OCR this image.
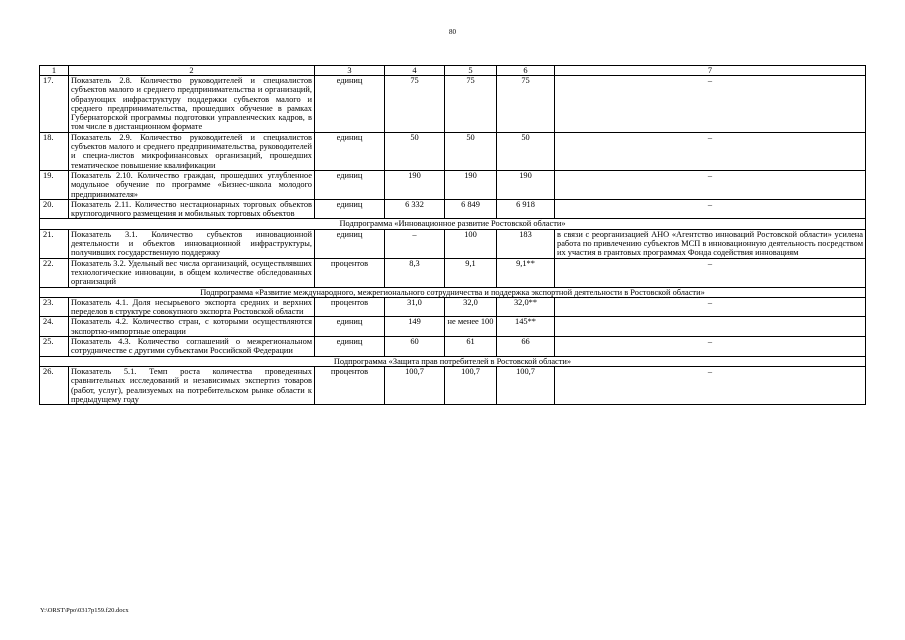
80
1	2	3	4	5	6	7
17.	Показатель 2.8. Количество руководителей и специалистов субъектов малого и среднего предпринимательства и организаций, образующих инфраструктуру поддержки субъектов малого и среднего предпринимательства, прошедших обучение в рамках Губернаторской программы подготовки управленческих кадров, в том числе в дистанционном формате	единиц	75	75	75	–
18.	Показатель 2.9. Количество руководителей и специалистов субъектов малого и среднего предпринимательства, руководителей и специа-листов микрофинансовых организаций, прошедших тематическое повышение квалификации	единиц	50	50	50	–
19.	Показатель 2.10. Количество граждан, прошедших углубленное модульное обучение по программе «Бизнес-школа молодого предпринимателя»	единиц	190	190	190	–
20.	Показатель 2.11. Количество нестационарных торговых объектов круглогодичного размещения и мобильных торговых объектов	единиц	6 332	6 849	6 918	–
Подпрограмма «Инновационное развитие Ростовской области»						
21.	Показатель 3.1. Количество субъектов инновационной деятельности и объектов инновационной инфраструктуры, получивших государственную поддержку	единиц	–	100	183	в связи с реорганизацией АНО «Агентство инноваций Ростовской области» усилена работа по привлечению субъектов МСП в инновационную деятельность посредством их участия в грантовых программах Фонда содействия инновациям
22.	Показатель 3.2. Удельный вес числа организаций, осуществлявших технологические инновации, в общем количестве обследованных организаций	процентов	8,3	9,1	9,1**	–
Подпрограмма «Развитие международного, межрегионального сотрудничества и поддержка экспортной деятельности в Ростовской области»						
23.	Показатель 4.1. Доля несырьевого экспорта средних и верхних переделов в структуре совокупного экспорта Ростовской области	процентов	31,0	32,0	32,0**	–
24.	Показатель 4.2. Количество стран, с которыми осуществляются экспортно-импортные операции	единиц	149	не менее 100	145**	
25.	Показатель 4.3. Количество соглашений о межрегиональном сотрудничестве с другими субъектами Российской Федерации	единиц	60	61	66	–
Подпрограмма «Защита прав потребителей в Ростовской области»						
26.	Показатель 5.1. Темп роста количества проведенных сравнительных исследований и независимых экспертиз товаров (работ, услуг), реализуемых на потребительском рынке области к предыдущему году	процентов	100,7	100,7	100,7	–
Y:\ORST\Ppo\0317p159.f20.docx
